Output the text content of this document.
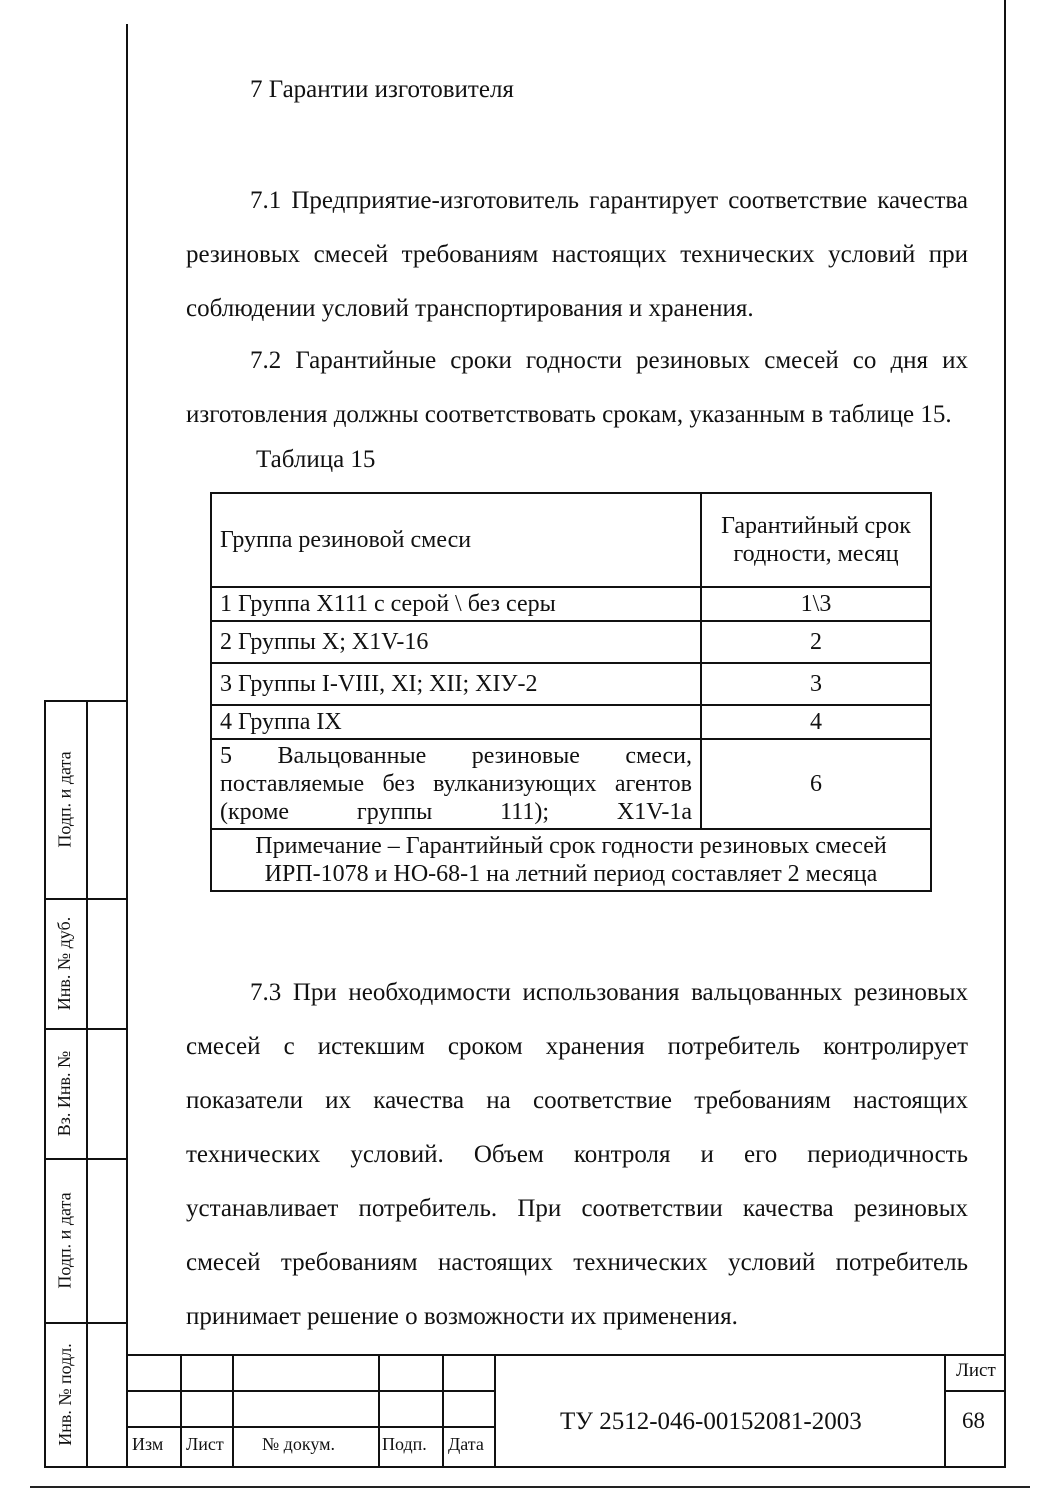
7 Гарантии изготовителя

7.1 Предприятие-изготовитель гарантирует соответствие качества резиновых смесей требованиям настоящих технических условий при соблюдении условий транспортирования и хранения.

7.2 Гарантийные сроки годности резиновых смесей со дня их изготовления должны соответствовать срокам, указанным в таблице 15.

Таблица 15
Группа резиновой смеси	Гарантийный срок годности, месяц
1 Группа Х111 с серой \ без серы	1\3
2 Группы X; X1V-16	2
3 Группы I-VIII, XI; XII; XIУ-2	3
4 Группа IX	4
5 Вальцованные резиновые смеси, поставляемые без вулканизующих агентов (кроме группы 111); X1V-1a	6
Примечание – Гарантийный срок годности резиновых смесей ИРП-1078 и НО-68-1 на летний период составляет 2 месяца	

7.3 При необходимости использования вальцованных резиновых смесей с истекшим сроком хранения потребитель контролирует показатели их качества на соответствие требованиям настоящих технических условий. Объем контроля и его периодичность устанавливает потребитель. При соответствии качества резиновых смесей требованиям настоящих технических условий потребитель принимает решение о возможности их применения.

Подп. и дата
Инв. № дуб.
Вз. Инв. №
Подп. и дата
Инв. № подл.	Изм Лист № докум.	Подп. Дата
ТУ 2512-046-00152081-2003
Лист
68
